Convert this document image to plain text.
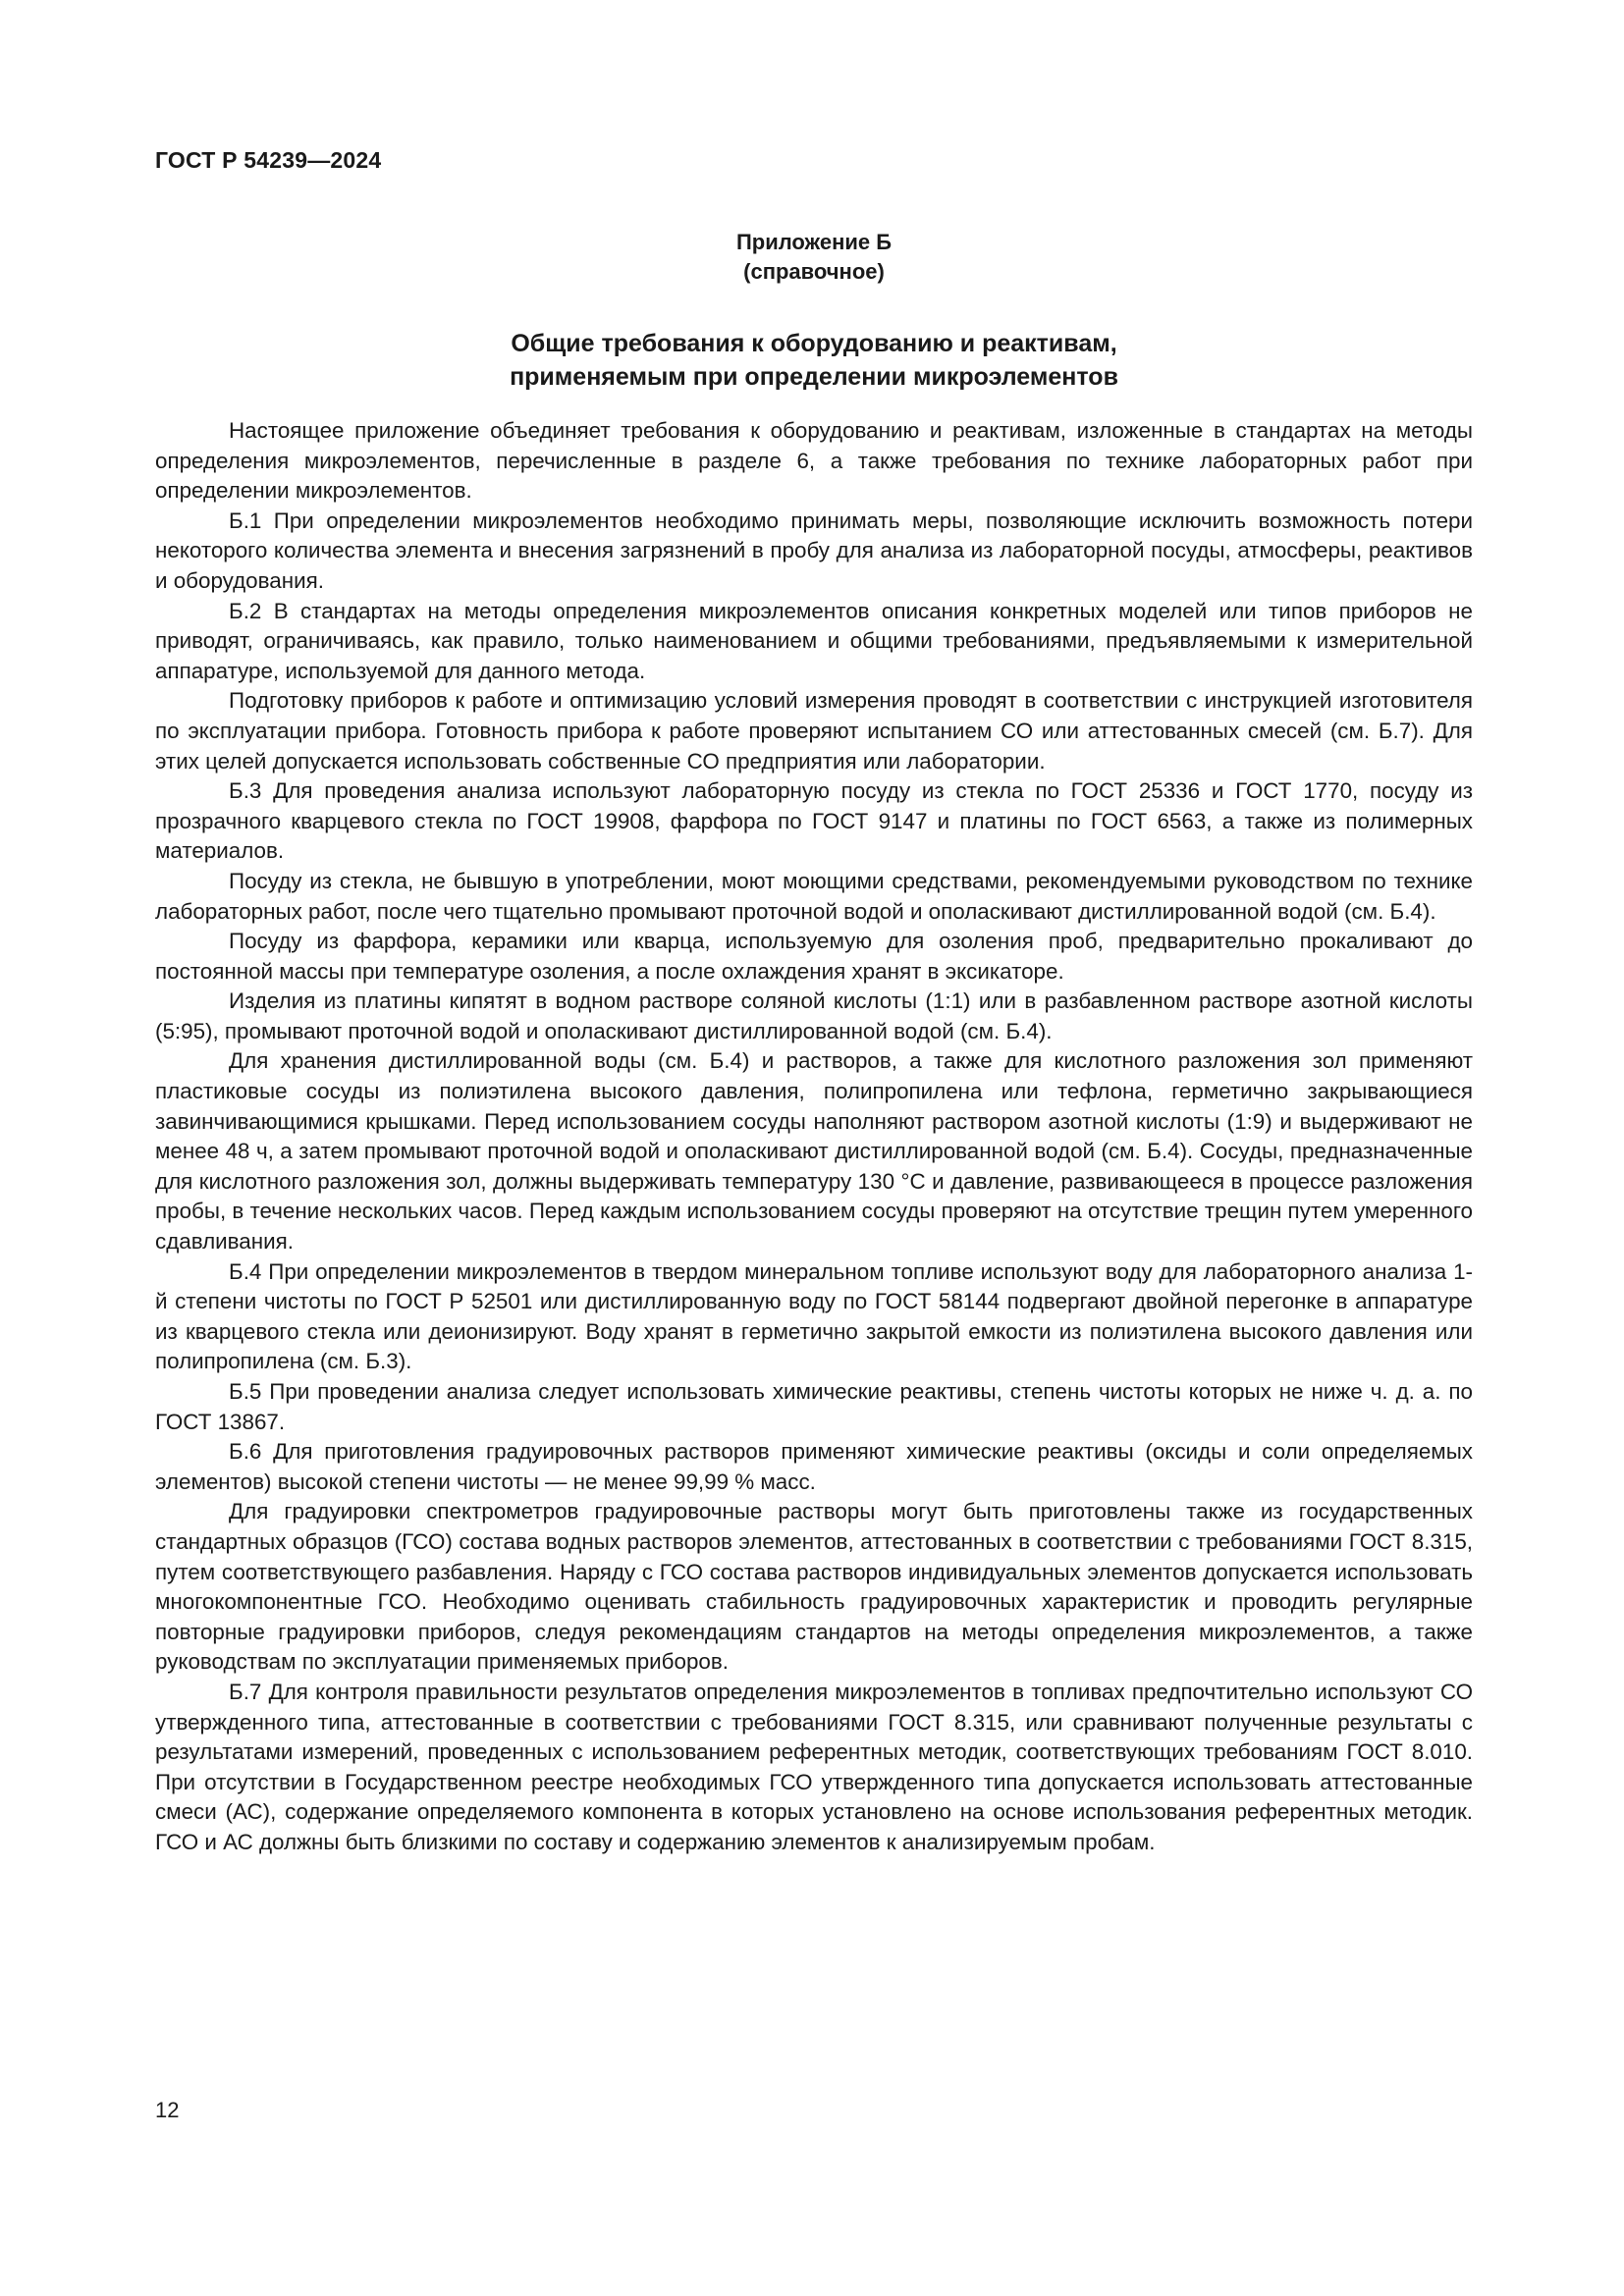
ГОСТ Р 54239—2024
Приложение Б
(справочное)
Общие требования к оборудованию и реактивам,
применяемым при определении микроэлементов

Настоящее приложение объединяет требования к оборудованию и реактивам, изложенные в стандартах на методы определения микроэлементов, перечисленные в разделе 6, а также требования по технике лабораторных работ при определении микроэлементов.

Б.1 При определении микроэлементов необходимо принимать меры, позволяющие исключить возможность потери некоторого количества элемента и внесения загрязнений в пробу для анализа из лабораторной посуды, атмосферы, реактивов и оборудования.

Б.2 В стандартах на методы определения микроэлементов описания конкретных моделей или типов приборов не приводят, ограничиваясь, как правило, только наименованием и общими требованиями, предъявляемыми к измерительной аппаратуре, используемой для данного метода.

Подготовку приборов к работе и оптимизацию условий измерения проводят в соответствии с инструкцией изготовителя по эксплуатации прибора. Готовность прибора к работе проверяют испытанием СО или аттестованных смесей (см. Б.7). Для этих целей допускается использовать собственные СО предприятия или лаборатории.

Б.3 Для проведения анализа используют лабораторную посуду из стекла по ГОСТ 25336 и ГОСТ 1770, посуду из прозрачного кварцевого стекла по ГОСТ 19908, фарфора по ГОСТ 9147 и платины по ГОСТ 6563, а также из полимерных материалов.

Посуду из стекла, не бывшую в употреблении, моют моющими средствами, рекомендуемыми руководством по технике лабораторных работ, после чего тщательно промывают проточной водой и ополаскивают дистиллированной водой (см. Б.4).

Посуду из фарфора, керамики или кварца, используемую для озоления проб, предварительно прокаливают до постоянной массы при температуре озоления, а после охлаждения хранят в эксикаторе.

Изделия из платины кипятят в водном растворе соляной кислоты (1:1) или в разбавленном растворе азотной кислоты (5:95), промывают проточной водой и ополаскивают дистиллированной водой (см. Б.4).

Для хранения дистиллированной воды (см. Б.4) и растворов, а также для кислотного разложения зол применяют пластиковые сосуды из полиэтилена высокого давления, полипропилена или тефлона, герметично закрывающиеся завинчивающимися крышками. Перед использованием сосуды наполняют раствором азотной кислоты (1:9) и выдерживают не менее 48 ч, а затем промывают проточной водой и ополаскивают дистиллированной водой (см. Б.4). Сосуды, предназначенные для кислотного разложения зол, должны выдерживать температуру 130 °С и давление, развивающееся в процессе разложения пробы, в течение нескольких часов. Перед каждым использованием сосуды проверяют на отсутствие трещин путем умеренного сдавливания.

Б.4 При определении микроэлементов в твердом минеральном топливе используют воду для лабораторного анализа 1-й степени чистоты по ГОСТ Р 52501 или дистиллированную воду по ГОСТ 58144 подвергают двойной перегонке в аппаратуре из кварцевого стекла или деионизируют. Воду хранят в герметично закрытой емкости из полиэтилена высокого давления или полипропилена (см. Б.3).

Б.5 При проведении анализа следует использовать химические реактивы, степень чистоты которых не ниже ч. д. а. по ГОСТ 13867.

Б.6 Для приготовления градуировочных растворов применяют химические реактивы (оксиды и соли определяемых элементов) высокой степени чистоты — не менее 99,99 % масс.

Для градуировки спектрометров градуировочные растворы могут быть приготовлены также из государственных стандартных образцов (ГСО) состава водных растворов элементов, аттестованных в соответствии с требованиями ГОСТ 8.315, путем соответствующего разбавления. Наряду с ГСО состава растворов индивидуальных элементов допускается использовать многокомпонентные ГСО. Необходимо оценивать стабильность градуировочных характеристик и проводить регулярные повторные градуировки приборов, следуя рекомендациям стандартов на методы определения микроэлементов, а также руководствам по эксплуатации применяемых приборов.

Б.7 Для контроля правильности результатов определения микроэлементов в топливах предпочтительно используют СО утвержденного типа, аттестованные в соответствии с требованиями ГОСТ 8.315, или сравнивают полученные результаты с результатами измерений, проведенных с использованием референтных методик, соответствующих требованиям ГОСТ 8.010. При отсутствии в Государственном реестре необходимых ГСО утвержденного типа допускается использовать аттестованные смеси (АС), содержание определяемого компонента в которых установлено на основе использования референтных методик. ГСО и АС должны быть близкими по составу и содержанию элементов к анализируемым пробам.

12
